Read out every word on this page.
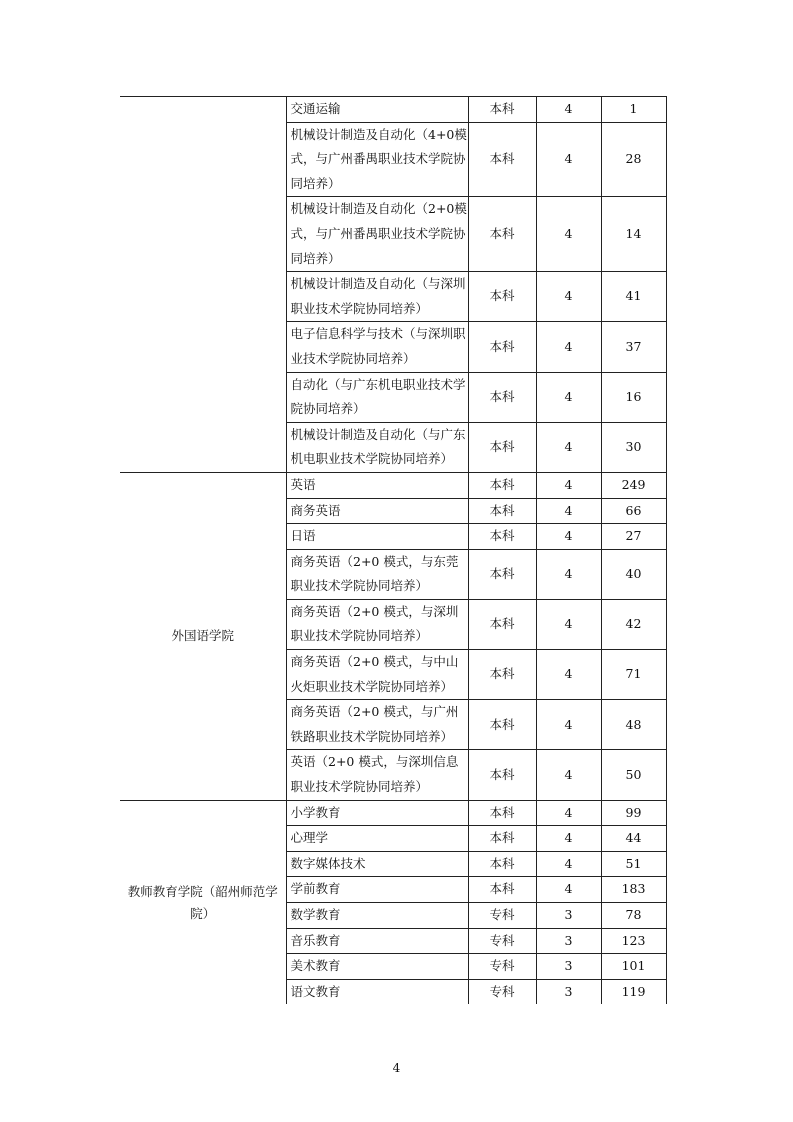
	交通运输	本科	4	1
	机械设计制造及自动化（4+0模式，与广州番禺职业技术学院协同培养）	本科	4	28
	机械设计制造及自动化（2+0模式，与广州番禺职业技术学院协同培养）	本科	4	14
	机械设计制造及自动化（与深圳职业技术学院协同培养）	本科	4	41
	电子信息科学与技术（与深圳职业技术学院协同培养）	本科	4	37
	自动化（与广东机电职业技术学院协同培养）	本科	4	16
	机械设计制造及自动化（与广东机电职业技术学院协同培养）	本科	4	30
外国语学院	英语	本科	4	249
	商务英语	本科	4	66
	日语	本科	4	27
	商务英语（2+0 模式，与东莞职业技术学院协同培养）	本科	4	40
	商务英语（2+0 模式，与深圳职业技术学院协同培养）	本科	4	42
	商务英语（2+0 模式，与中山火炬职业技术学院协同培养）	本科	4	71
	商务英语（2+0 模式，与广州铁路职业技术学院协同培养）	本科	4	48
	英语（2+0 模式，与深圳信息职业技术学院协同培养）	本科	4	50
教师教育学院（韶州师范学院）	小学教育	本科	4	99
	心理学	本科	4	44
	数字媒体技术	本科	4	51
	学前教育	本科	4	183
	数学教育	专科	3	78
	音乐教育	专科	3	123
	美术教育	专科	3	101
	语文教育	专科	3	119
4
